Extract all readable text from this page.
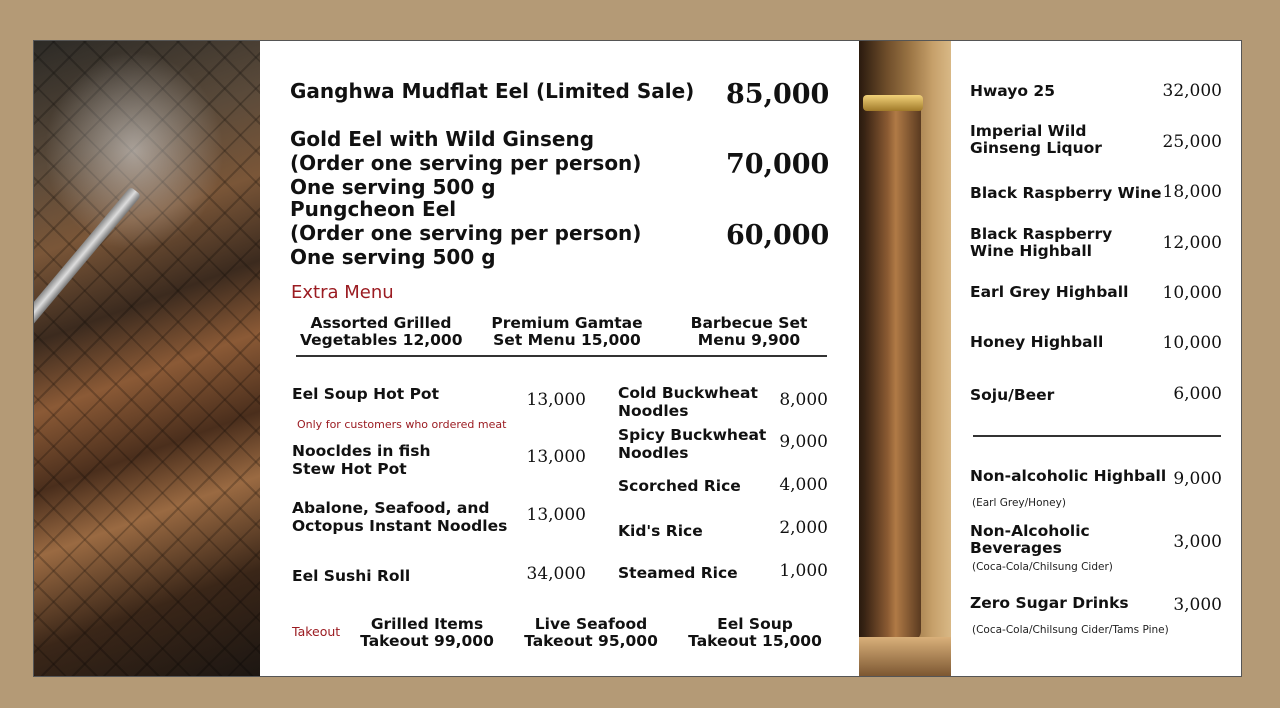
Ganghwa Mudflat Eel (Limited Sale) 85,000
Gold Eel with Wild Ginseng
(Order one serving per person)
One serving 500 g
70,000
Pungcheon Eel
(Order one serving per person)
One serving 500 g
60,000
Extra Menu
Assorted Grilled
Vegetables 12,000
Premium Gamtae
Set Menu 15,000
Barbecue Set
Menu 9,900
Eel Soup Hot Pot	13,000
Only for customers who ordered meat
Noocldes in fish
Stew Hot Pot
13,000
Abalone, Seafood, and
Octopus Instant Noodles
13,000
Eel Sushi Roll	34,000
Cold Buckwheat
Noodles
8,000
Spicy Buckwheat
Noodles
9,000
Scorched Rice	4,000
Kid's Rice	2,000
Steamed Rice	1,000
Takeout	Grilled Items
Takeout 99,000
Live Seafood
Takeout 95,000
Eel Soup
Takeout 15,000
Hwayo 25	32,000
Imperial Wild
Ginseng Liquor	25,000
Black Raspberry Wine 18,000
Black Raspberry
Wine Highball	12,000
Earl Grey Highball	10,000
Honey Highball	10,000
Soju/Beer	6,000
Non-alcoholic Highball 9,000
(Earl Grey/Honey)
Non-Alcoholic
Beverages	3,000
(Coca-Cola/Chilsung Cider)
Zero Sugar Drinks	3,000
(Coca-Cola/Chilsung Cider/Tams Pine)
